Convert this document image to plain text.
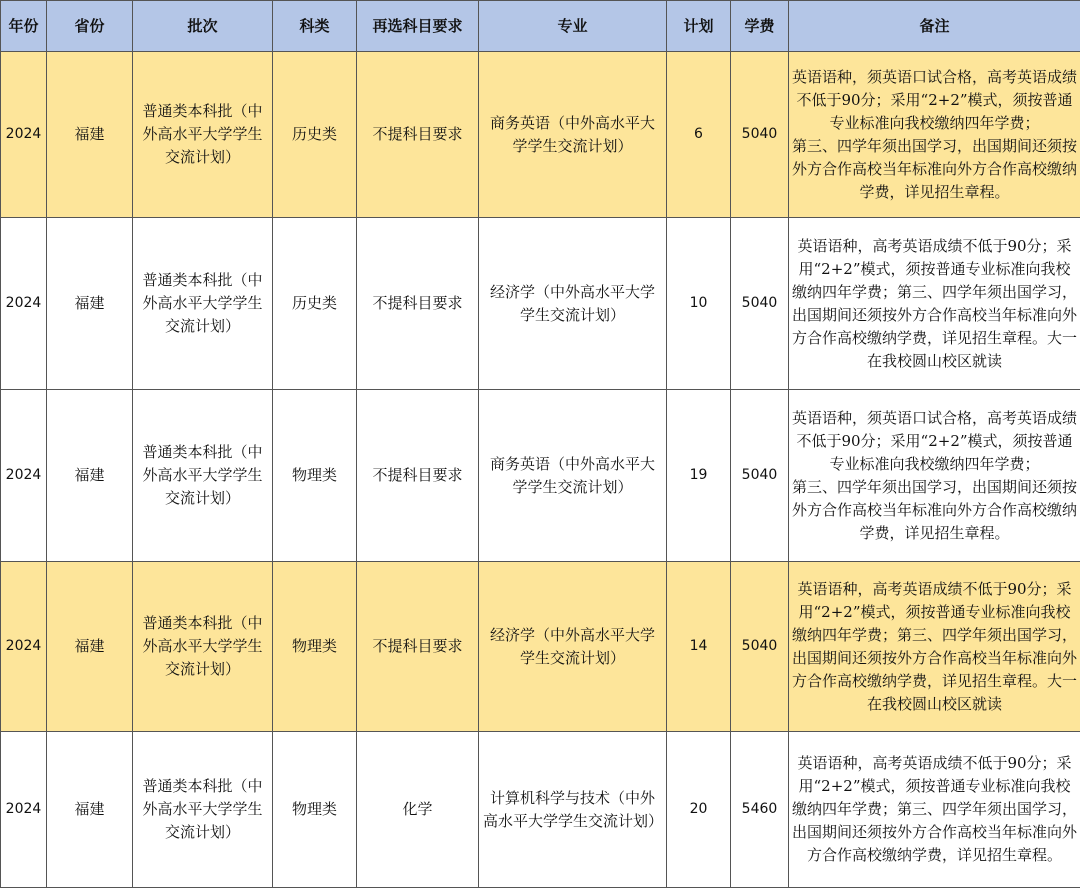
年份	省份	批次	科类	再选科目要求	专业	计划	学费	备注
2024	福建	普通类本科批（中外高水平大学学生交流计划）	历史类	不提科目要求	商务英语（中外高水平大学学生交流计划）	6	5040	英语语种，须英语口试合格，高考英语成绩不低于90分；采用“2+2”模式，须按普通专业标准向我校缴纳四年学费；
第三、四学年须出国学习，出国期间还须按外方合作高校当年标准向外方合作高校缴纳学费，详见招生章程。
2024	福建	普通类本科批（中外高水平大学学生交流计划）	历史类	不提科目要求	经济学（中外高水平大学学生交流计划）	10	5040	英语语种，高考英语成绩不低于90分；采用“2+2”模式，须按普通专业标准向我校缴纳四年学费；第三、四学年须出国学习，出国期间还须按外方合作高校当年标准向外方合作高校缴纳学费，详见招生章程。大一在我校圆山校区就读
2024	福建	普通类本科批（中外高水平大学学生交流计划）	物理类	不提科目要求	商务英语（中外高水平大学学生交流计划）	19	5040	英语语种，须英语口试合格，高考英语成绩不低于90分；采用“2+2”模式，须按普通专业标准向我校缴纳四年学费；
第三、四学年须出国学习，出国期间还须按外方合作高校当年标准向外方合作高校缴纳学费，详见招生章程。
2024	福建	普通类本科批（中外高水平大学学生交流计划）	物理类	不提科目要求	经济学（中外高水平大学学生交流计划）	14	5040	英语语种，高考英语成绩不低于90分；采用“2+2”模式，须按普通专业标准向我校缴纳四年学费；第三、四学年须出国学习，出国期间还须按外方合作高校当年标准向外方合作高校缴纳学费，详见招生章程。大一在我校圆山校区就读
2024	福建	普通类本科批（中外高水平大学学生交流计划）	物理类	化学	计算机科学与技术（中外高水平大学学生交流计划）	20	5460	英语语种，高考英语成绩不低于90分；采用“2+2”模式，须按普通专业标准向我校缴纳四年学费；第三、四学年须出国学习，出国期间还须按外方合作高校当年标准向外方合作高校缴纳学费，详见招生章程。
